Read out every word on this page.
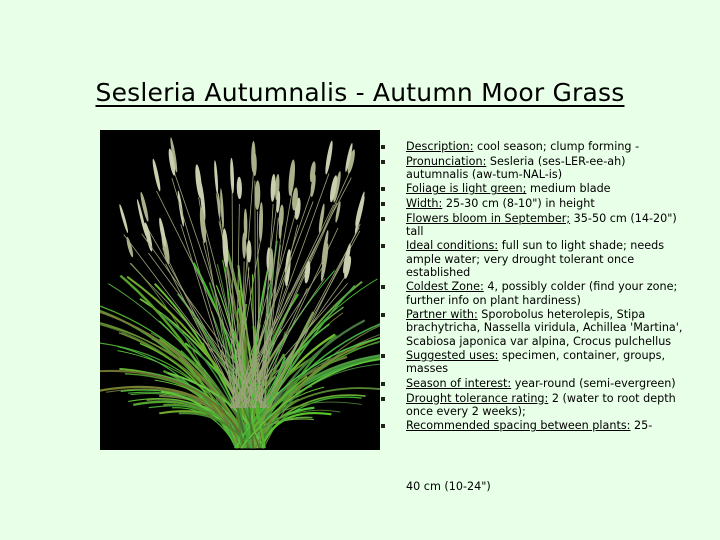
Sesleria Autumnalis - Autumn Moor Grass
Description: cool season; clump forming -
Pronunciation: Sesleria (ses-LER-ee-ah) autumnalis (aw-tum-NAL-is)
Foliage is light green; medium blade
Width: 25-30 cm (8-10") in height
Flowers bloom in September; 35-50 cm (14-20") tall
Ideal conditions: full sun to light shade; needs ample water; very drought tolerant once established
Coldest Zone: 4, possibly colder (find your zone; further info on plant hardiness)
Partner with: Sporobolus heterolepis, Stipa brachytricha, Nassella viridula, Achillea 'Martina', Scabiosa japonica var alpina, Crocus pulchellus
Suggested uses: specimen, container, groups, masses
Season of interest: year-round (semi-evergreen)
Drought tolerance rating: 2 (water to root depth once every 2 weeks);
Recommended spacing between plants: 25-
40 cm (10-24")
